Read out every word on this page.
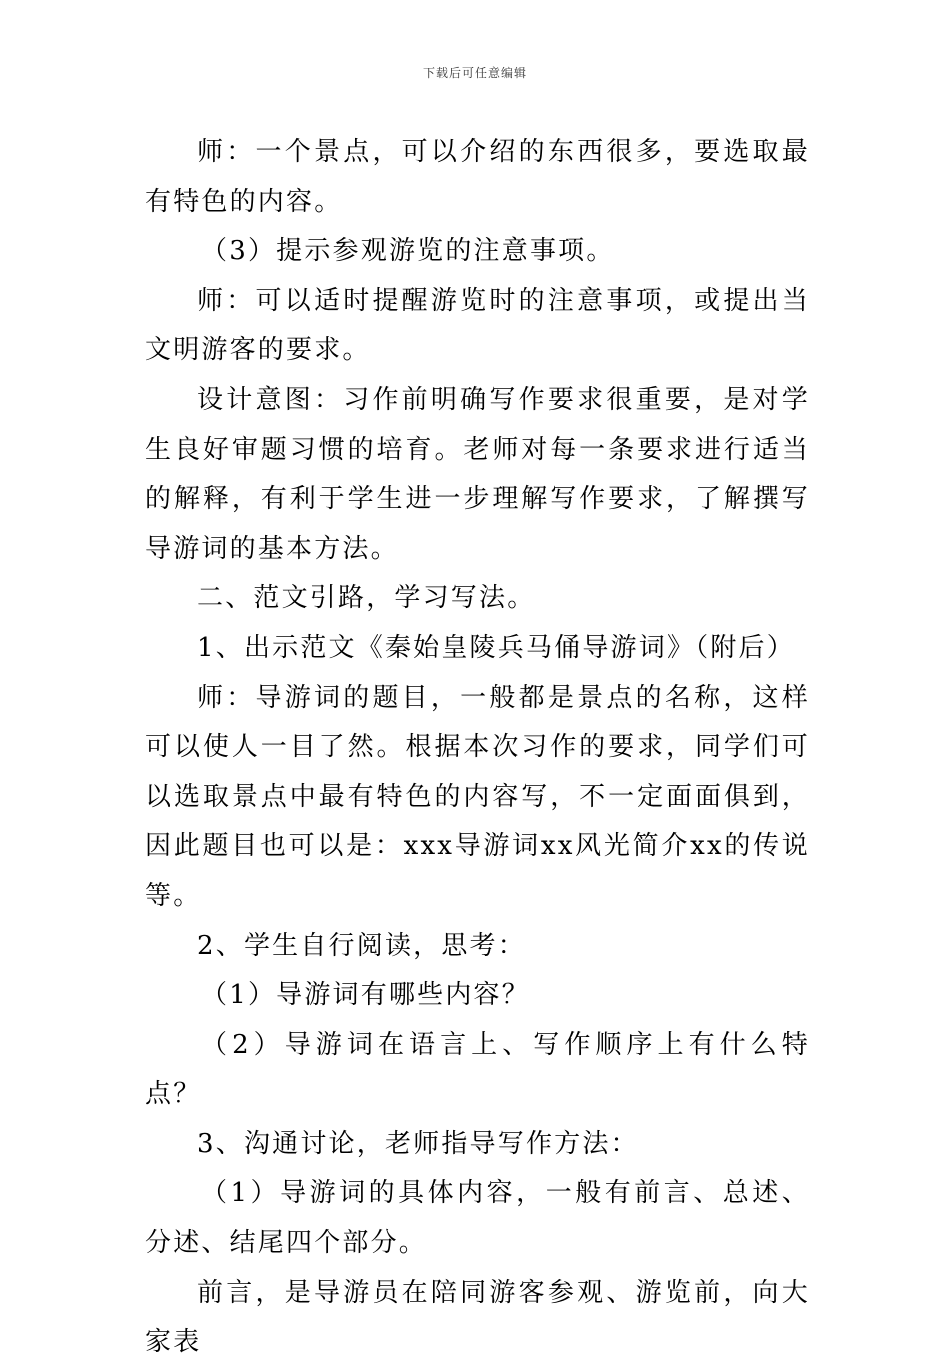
下载后可任意编辑

师：一个景点，可以介绍的东西很多，要选取最有特色的内容。

（3）提示参观游览的注意事项。

师：可以适时提醒游览时的注意事项，或提出当文明游客的要求。

设计意图：习作前明确写作要求很重要，是对学生良好审题习惯的培育。老师对每一条要求进行适当的解释，有利于学生进一步理解写作要求，了解撰写导游词的基本方法。

二、范文引路，学习写法。

1、出示范文《秦始皇陵兵马俑导游词》（附后）

师：导游词的题目，一般都是景点的名称，这样可以使人一目了然。根据本次习作的要求，同学们可以选取景点中最有特色的内容写，不一定面面俱到，因此题目也可以是：xxx导游词xx风光简介xx的传说等。

2、学生自行阅读，思考：

（1）导游词有哪些内容？

（2）导游词在语言上、写作顺序上有什么特点？

3、沟通讨论，老师指导写作方法：

（1）导游词的具体内容，一般有前言、总述、分述、结尾四个部分。

前言，是导游员在陪同游客参观、游览前，向大家表
